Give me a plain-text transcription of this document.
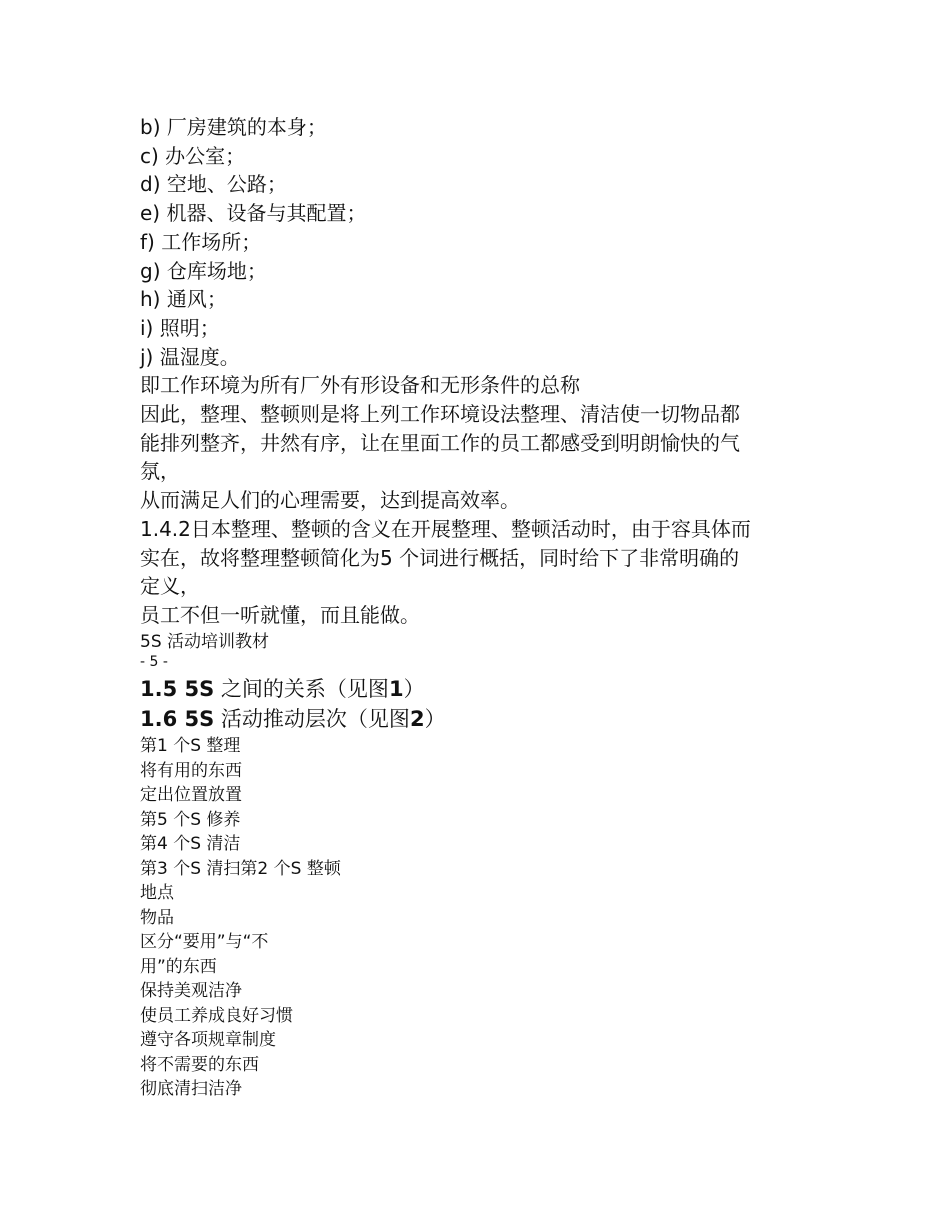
b) 厂房建筑的本身；
c) 办公室；
d) 空地、公路；
e) 机器、设备与其配置；
f) 工作场所；
g) 仓库场地；
h) 通风；
i) 照明；
j) 温湿度。
即工作环境为所有厂外有形设备和无形条件的总称
因此，整理、整顿则是将上列工作环境设法整理、清洁使一切物品都
能排列整齐，井然有序，让在里面工作的员工都感受到明朗愉快的气
氛，
从而满足人们的心理需要，达到提高效率。
1.4.2日本整理、整顿的含义在开展整理、整顿活动时，由于容具体而
实在，故将整理整顿简化为5 个词进行概括，同时给下了非常明确的
定义，
员工不但一听就懂，而且能做。
5S 活动培训教材
- 5 -
1.5 5S 之间的关系（见图1）
1.6 5S 活动推动层次（见图2）
第1 个S 整理
将有用的东西
定出位置放置
第5 个S 修养
第4 个S 清洁
第3 个S 清扫第2 个S 整顿
地点
物品
区分“要用”与“不
用”的东西
保持美观洁净
使员工养成良好习惯
遵守各项规章制度
将不需要的东西
彻底清扫洁净
